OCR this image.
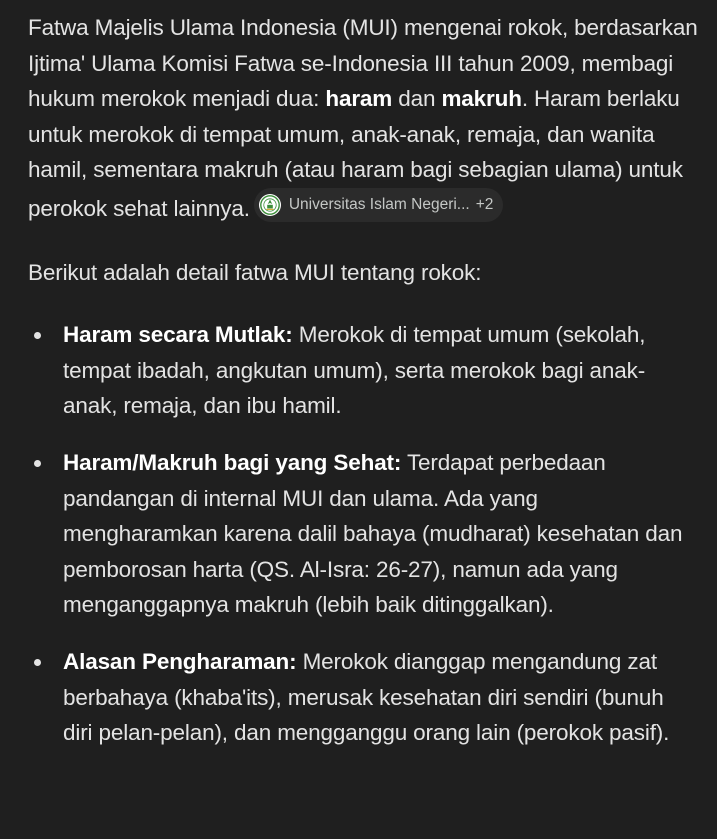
Fatwa Majelis Ulama Indonesia (MUI) mengenai rokok, berdasarkan Ijtima' Ulama Komisi Fatwa se-Indonesia III tahun 2009, membagi hukum merokok menjadi dua: haram dan makruh. Haram berlaku untuk merokok di tempat umum, anak-anak, remaja, dan wanita hamil, sementara makruh (atau haram bagi sebagian ulama) untuk perokok sehat lainnya.	Universitas Islam Negeri... +2

Berikut adalah detail fatwa MUI tentang rokok:

Haram secara Mutlak: Merokok di tempat umum (sekolah, tempat ibadah, angkutan umum), serta merokok bagi anak-anak, remaja, dan ibu hamil.
Haram/Makruh bagi yang Sehat: Terdapat perbedaan pandangan di internal MUI dan ulama. Ada yang mengharamkan karena dalil bahaya (mudharat) kesehatan dan pemborosan harta (QS. Al-Isra: 26-27), namun ada yang menganggapnya makruh (lebih baik ditinggalkan).
Alasan Pengharaman: Merokok dianggap mengandung zat berbahaya (khaba'its), merusak kesehatan diri sendiri (bunuh diri pelan-pelan), dan mengganggu orang lain (perokok pasif).
